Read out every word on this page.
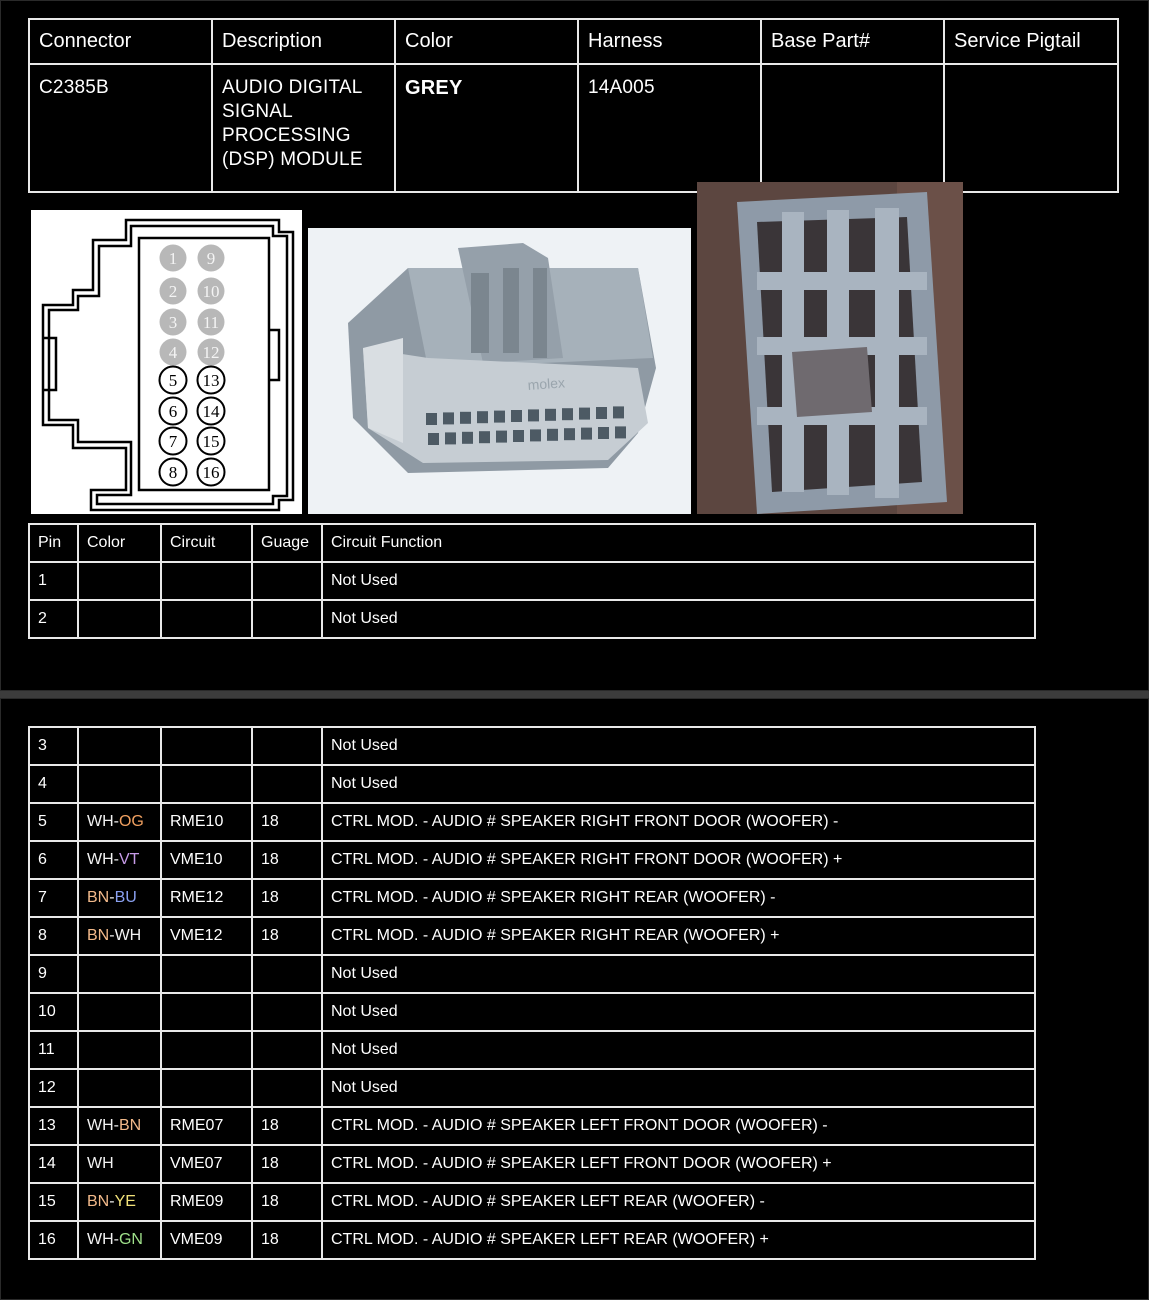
Connector	Description	Color	Harness	Base Part#	Service Pigtail
C2385B	AUDIO DIGITAL
SIGNAL
PROCESSING
(DSP) MODULE	GREY	14A005		
1
2
3
4
5
6
7
8
9
10
11
12
13
14
15
16
molex
Pin	Color	Circuit	Guage	Circuit Function
1				Not Used
2				Not Used
3				Not Used
4				Not Used
5	WH-OG	RME10	18	CTRL MOD. - AUDIO # SPEAKER RIGHT FRONT DOOR (WOOFER) -
6	WH-VT	VME10	18	CTRL MOD. - AUDIO # SPEAKER RIGHT FRONT DOOR (WOOFER) +
7	BN-BU	RME12	18	CTRL MOD. - AUDIO # SPEAKER RIGHT REAR (WOOFER) -
8	BN-WH	VME12	18	CTRL MOD. - AUDIO # SPEAKER RIGHT REAR (WOOFER) +
9				Not Used
10				Not Used
11				Not Used
12				Not Used
13	WH-BN	RME07	18	CTRL MOD. - AUDIO # SPEAKER LEFT FRONT DOOR (WOOFER) -
14	WH	VME07	18	CTRL MOD. - AUDIO # SPEAKER LEFT FRONT DOOR (WOOFER) +
15	BN-YE	RME09	18	CTRL MOD. - AUDIO # SPEAKER LEFT REAR (WOOFER) -
16	WH-GN	VME09	18	CTRL MOD. - AUDIO # SPEAKER LEFT REAR (WOOFER) +
